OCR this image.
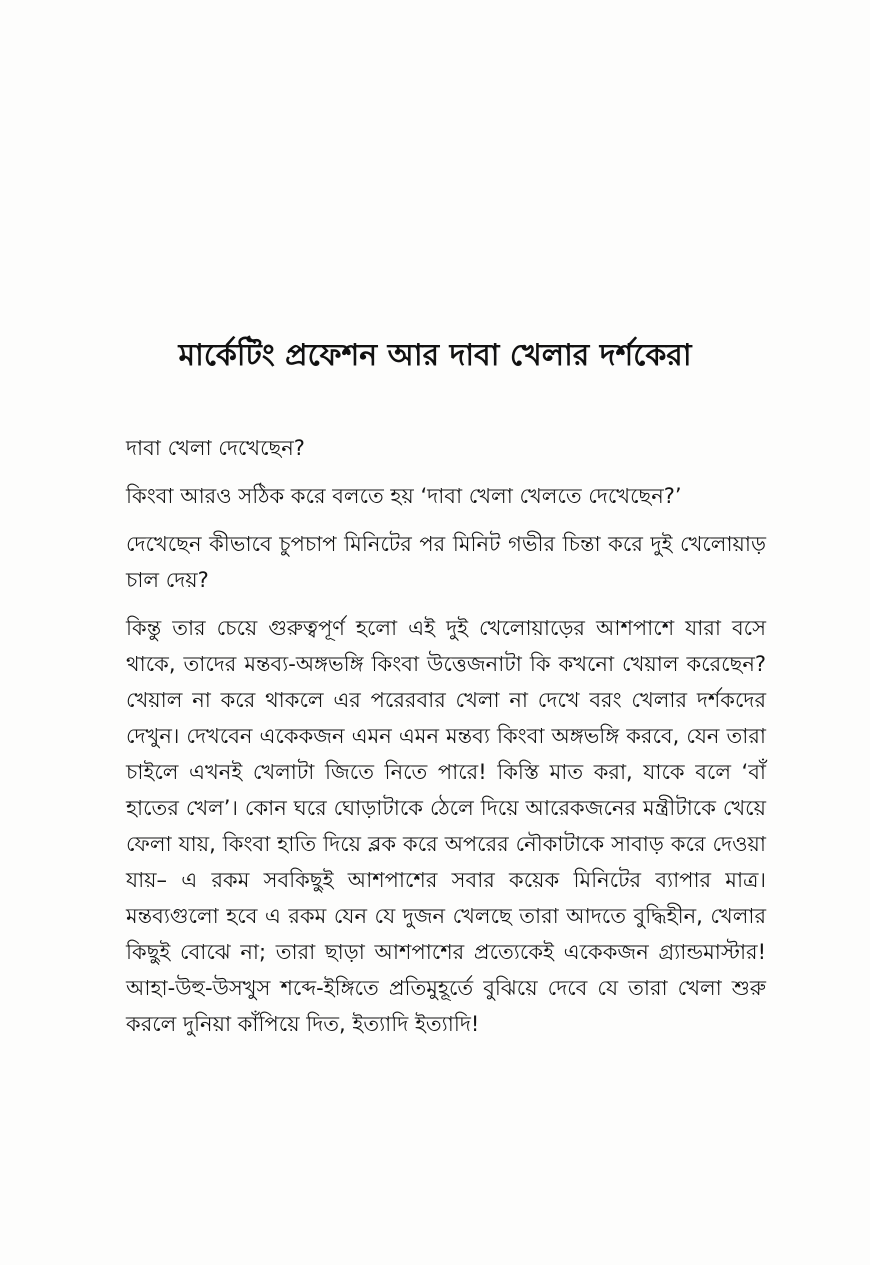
মার্কেটিং প্রফেশন আর দাবা খেলার দর্শকেরা

দাবা খেলা দেখেছেন?

কিংবা আরও সঠিক করে বলতে হয় ‘দাবা খেলা খেলতে দেখেছেন?’

দেখেছেন কীভাবে চুপচাপ মিনিটের পর মিনিট গভীর চিন্তা করে দুই খেলোয়াড় চাল দেয়?

কিন্তু তার চেয়ে গুরুত্বপূর্ণ হলো এই দুই খেলোয়াড়ের আশপাশে যারা বসে থাকে, তাদের মন্তব্য-অঙ্গভঙ্গি কিংবা উত্তেজনাটা কি কখনো খেয়াল করেছেন? খেয়াল না করে থাকলে এর পরেরবার খেলা না দেখে বরং খেলার দর্শকদের দেখুন। দেখবেন একেকজন এমন এমন মন্তব্য কিংবা অঙ্গভঙ্গি করবে, যেন তারা চাইলে এখনই খেলাটা জিতে নিতে পারে! কিস্তি মাত করা, যাকে বলে ‘বাঁ হাতের খেল’। কোন ঘরে ঘোড়াটাকে ঠেলে দিয়ে আরেকজনের মন্ত্রীটাকে খেয়ে ফেলা যায়, কিংবা হাতি দিয়ে ব্লক করে অপরের নৌকাটাকে সাবাড় করে দেওয়া যায়– এ রকম সবকিছুই আশপাশের সবার কয়েক মিনিটের ব্যাপার মাত্র। মন্তব্যগুলো হবে এ রকম যেন যে দুজন খেলছে তারা আদতে বুদ্ধিহীন, খেলার কিছুই বোঝে না; তারা ছাড়া আশপাশের প্রত্যেকেই একেকজন গ্র্যান্ডমাস্টার! আহা-উহু-উসখুস শব্দে-ইঙ্গিতে প্রতিমুহূর্তে বুঝিয়ে দেবে যে তারা খেলা শুরু করলে দুনিয়া কাঁপিয়ে দিত, ইত্যাদি ইত্যাদি!
